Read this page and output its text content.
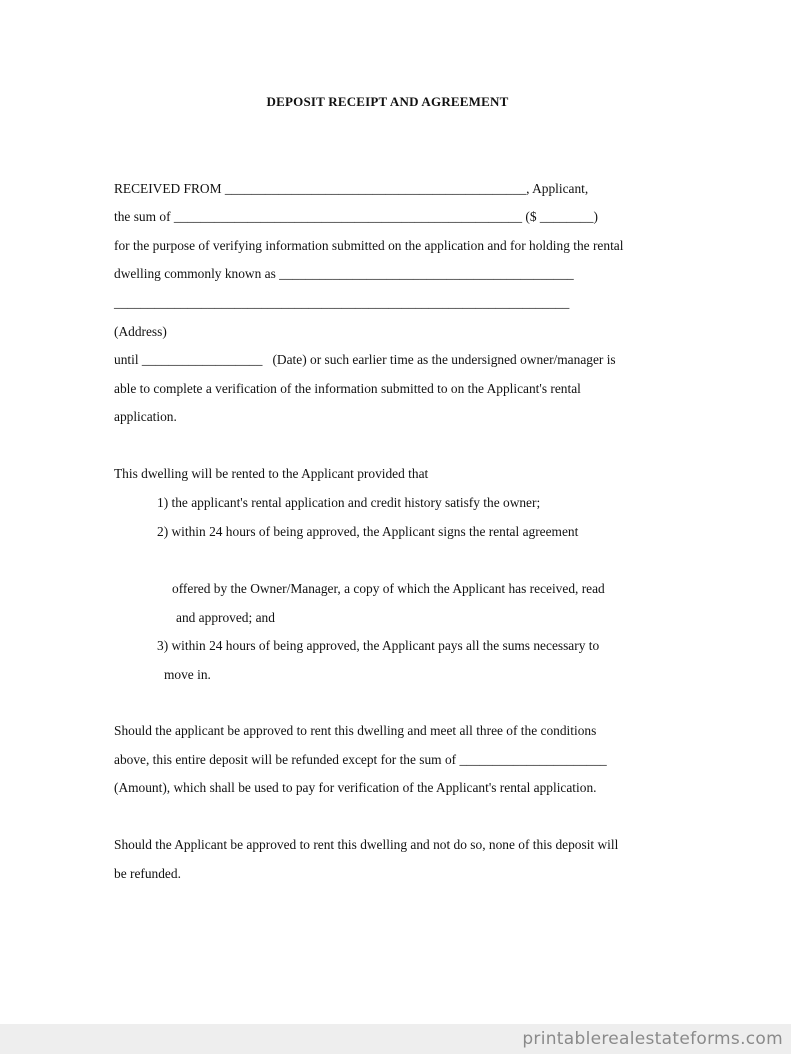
DEPOSIT RECEIPT AND AGREEMENT
RECEIVED FROM _____________________________________________, Applicant,
the sum of ____________________________________________________ ($ ________)
for the purpose of verifying information submitted on the application and for holding the rental
dwelling commonly known as ____________________________________________
____________________________________________________________________
(Address)
until __________________   (Date) or such earlier time as the undersigned owner/manager is
able to complete a verification of the information submitted to on the Applicant's rental
application.
This dwelling will be rented to the Applicant provided that
1) the applicant's rental application and credit history satisfy the owner;
2) within 24 hours of being approved, the Applicant signs the rental agreement
offered by the Owner/Manager, a copy of which the Applicant has received, read
and approved; and
3) within 24 hours of being approved, the Applicant pays all the sums necessary to
move in.
Should the applicant be approved to rent this dwelling and meet all three of the conditions
above, this entire deposit will be refunded except for the sum of ______________________
(Amount), which shall be used to pay for verification of the Applicant's rental application.
Should the Applicant be approved to rent this dwelling and not do so, none of this deposit will
be refunded.
printablerealestateforms.com
